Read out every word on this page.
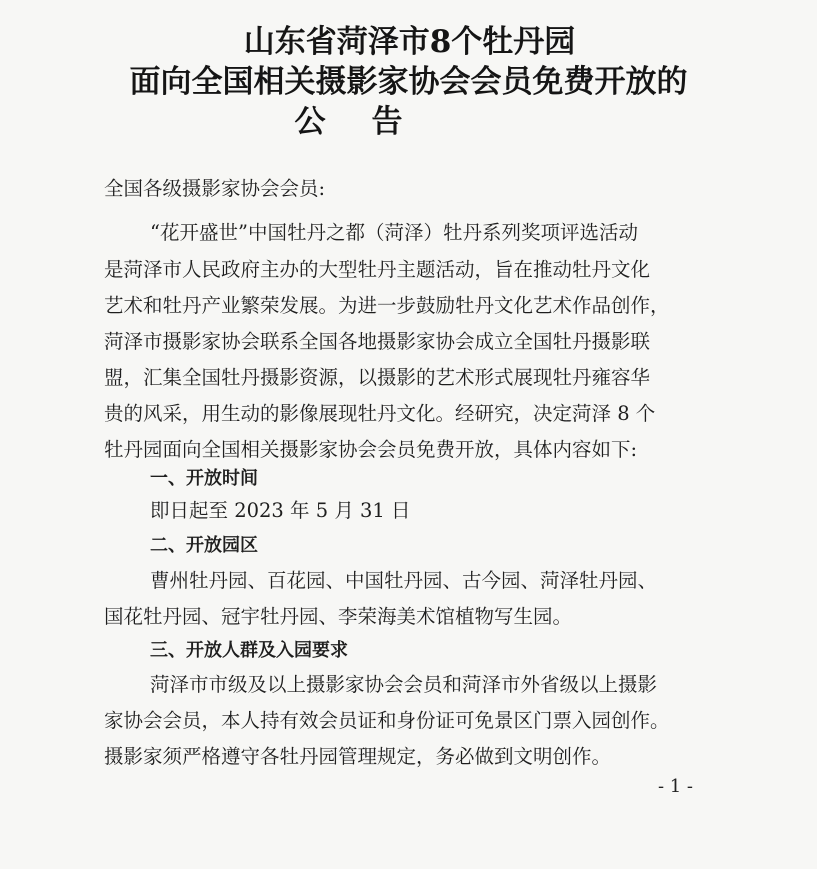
山东省菏泽市8个牡丹园
面向全国相关摄影家协会会员免费开放的
公告
全国各级摄影家协会会员:
“花开盛世”中国牡丹之都（菏泽）牡丹系列奖项评选活动
是菏泽市人民政府主办的大型牡丹主题活动，旨在推动牡丹文化
艺术和牡丹产业繁荣发展。为进一步鼓励牡丹文化艺术作品创作，
菏泽市摄影家协会联系全国各地摄影家协会成立全国牡丹摄影联
盟，汇集全国牡丹摄影资源，以摄影的艺术形式展现牡丹雍容华
贵的风采，用生动的影像展现牡丹文化。经研究，决定菏泽 8 个
牡丹园面向全国相关摄影家协会会员免费开放，具体内容如下:
一、开放时间
即日起至 2023 年 5 月 31 日
二、开放园区
曹州牡丹园、百花园、中国牡丹园、古今园、菏泽牡丹园、
国花牡丹园、冠宇牡丹园、李荣海美术馆植物写生园。
三、开放人群及入园要求
菏泽市市级及以上摄影家协会会员和菏泽市外省级以上摄影
家协会会员，本人持有效会员证和身份证可免景区门票入园创作。
摄影家须严格遵守各牡丹园管理规定，务必做到文明创作。
- 1 -
